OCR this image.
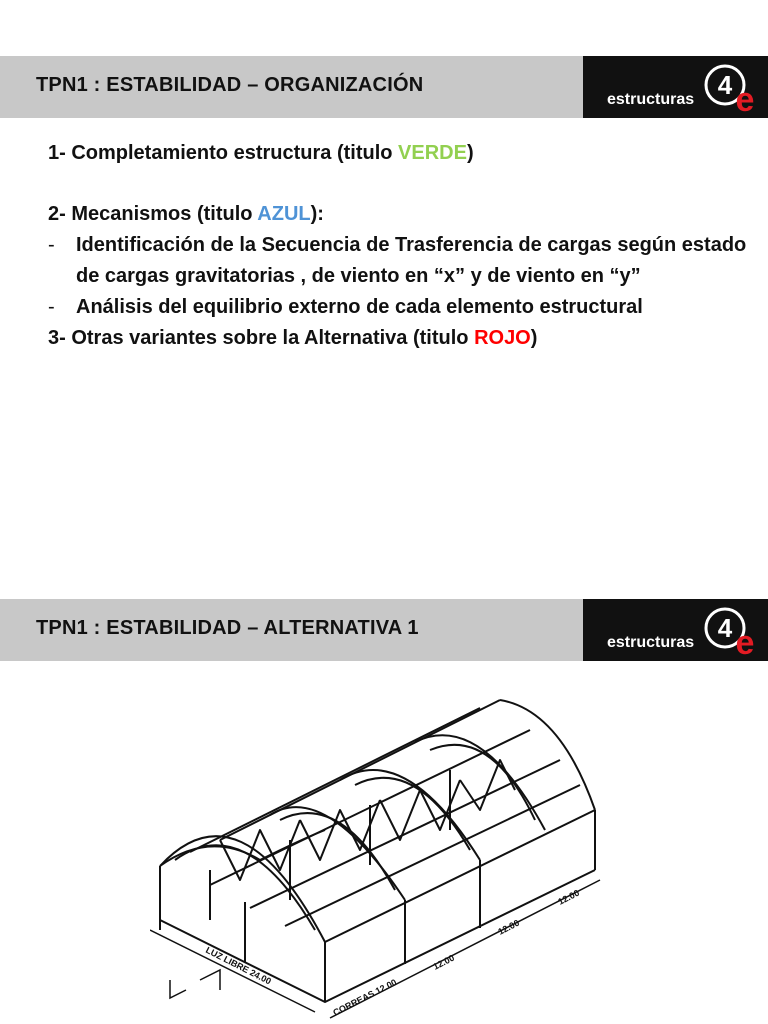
TPN1 : ESTABILIDAD – ORGANIZACIÓN
estructuras 4 e

1- Completamiento estructura (titulo VERDE)

2- Mecanismos (titulo AZUL):

- Identificación de la Secuencia de Trasferencia de cargas según estado de cargas gravitatorias , de viento en “x” y de viento en “y”

- Análisis del equilibrio externo de cada elemento estructural

3- Otras variantes sobre la Alternativa (titulo ROJO)

TPN1 : ESTABILIDAD – ALTERNATIVA 1
estructuras 4 e
LUZ LIBRE 24.00
CORREAS 12.00
12.00
12.00
12.00
